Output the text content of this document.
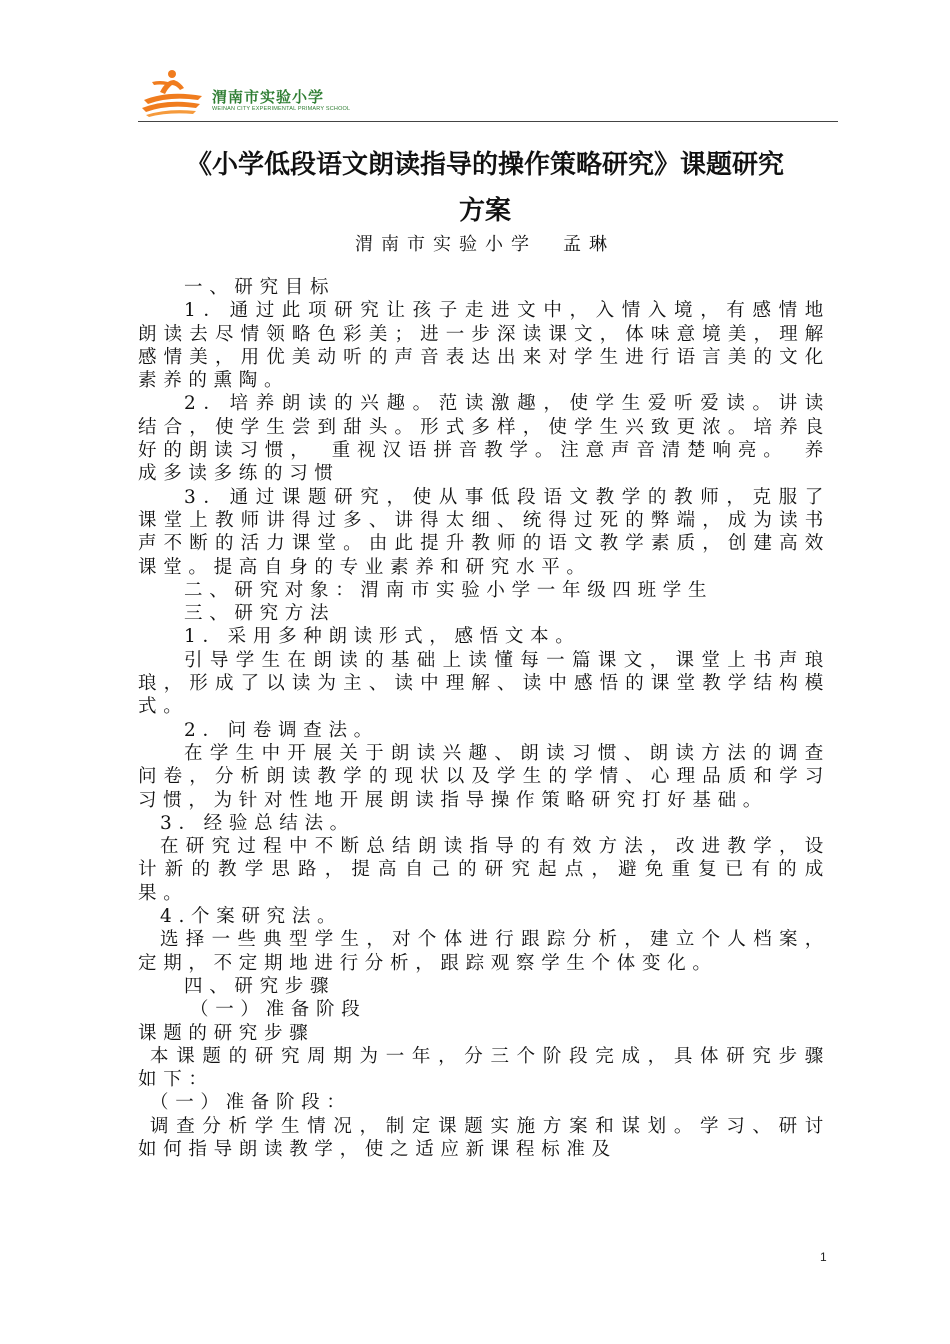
渭南市实验小学
WEINAN CITY EXPERIMENTAL PRIMARY SCHOOL
《小学低段语文朗读指导的操作策略研究》课题研究
方案
渭南市实验小学　孟琳

一、研究目标

1．通过此项研究让孩子走进文中，入情入境，有感情地朗读去尽情领略色彩美；进一步深读课文，体味意境美，理解感情美，用优美动听的声音表达出来对学生进行语言美的文化素养的熏陶。

2．培养朗读的兴趣。范读激趣，使学生爱听爱读。讲读结合，使学生尝到甜头。形式多样，使学生兴致更浓。培养良好的朗读习惯，　重视汉语拼音教学。注意声音清楚响亮。　养成多读多练的习惯

3．通过课题研究，使从事低段语文教学的教师，克服了课堂上教师讲得过多、讲得太细、统得过死的弊端，成为读书声不断的活力课堂。由此提升教师的语文教学素质，创建高效课堂。提高自身的专业素养和研究水平。

二、研究对象：渭南市实验小学一年级四班学生

三、研究方法

1．采用多种朗读形式，感悟文本。

引导学生在朗读的基础上读懂每一篇课文，课堂上书声琅琅，形成了以读为主、读中理解、读中感悟的课堂教学结构模式。

2．问卷调查法。

在学生中开展关于朗读兴趣、朗读习惯、朗读方法的调查问卷，分析朗读教学的现状以及学生的学情、心理品质和学习习惯，为针对性地开展朗读指导操作策略研究打好基础。

3．经验总结法。

在研究过程中不断总结朗读指导的有效方法，改进教学，设计新的教学思路，提高自己的研究起点，避免重复已有的成果。

4.个案研究法。

选择一些典型学生，对个体进行跟踪分析，建立个人档案，定期，不定期地进行分析，跟踪观察学生个体变化。

四、研究步骤

（一）准备阶段

课题的研究步骤

本课题的研究周期为一年，分三个阶段完成，具体研究步骤如下：

（一）准备阶段：

调查分析学生情况，制定课题实施方案和谋划。学习、研讨如何指导朗读教学，使之适应新课程标准及

1
